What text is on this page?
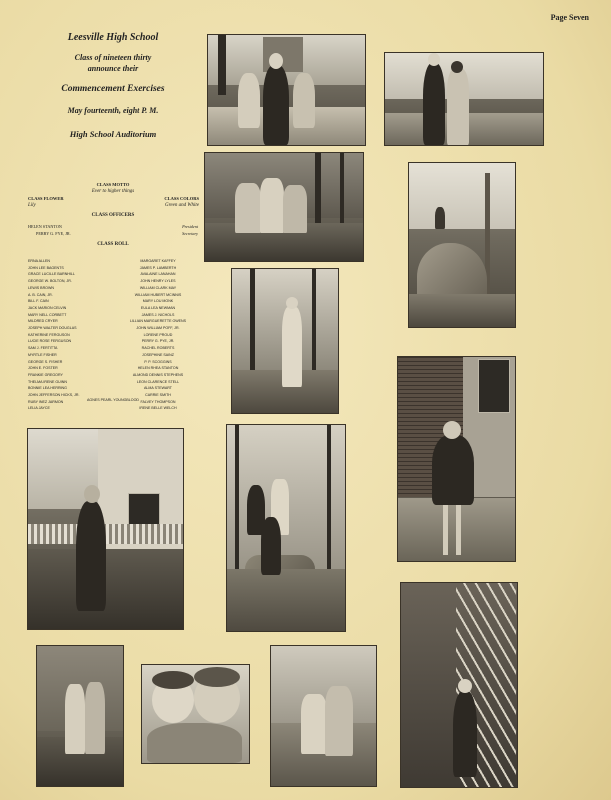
Page Seven
Leesville High School
Class of nineteen thirty
announce their
Commencement Exercises
May fourteenth, eight P. M.
High School Auditorium
CLASS MOTTO
Ever to higher things
CLASS FLOWER	CLASS COLORS
Lily	Green and White
CLASS OFFICERS
HELEN STANTON	President
PERRY G. FYE, JR.	Secretary
CLASS ROLL
ERNA ALLEN
JOHN LEE BAGENTS
GRACE LUCILLE BARNHILL
GEORGE W. BOLTON, JR.
LEWIS BROWN
A. B. CAIN, JR.
BILL F. CAIN
JACK MARION CELVIN
MARY NELL CORBETT
MILDRED CRYER
JOSEPH WALTER DOUGLAS
KATHERINE FERGUSON
LUCIE ROSE FERGUSON
SAM J. FERTITTA
MYRTLE FISHER
GEORGE S. FISHER
JOHN E. FOSTER
FRANKIE GREGORY
THELMA IRENE GUINN
BONNIE LEA HERRING
JOHN JEFFERSON HICKS, JR.
RUBY INEZ JARMON
LELIA JAYCE
MARGARET KAFFEY
JAMES P. LAMBERTH
AVALAINE LANAHAN
JOHN HENRY LYLES
WILLIAM CLARK MAY
WILLIAM HUBERT MCINNIS
MARY LOU MONK
EULA LEA NEWMAN
JAMES J. NICHOLS
LILLIAN MARGUERETTE OWENS
JOHN WILLIAM POFF, JR.
LORENE PROUD
PERRY G. PYE, JR.
RACHEL ROBERTS
JOSEPHINE SAINZ
P. P. SCOGGINS
HELEN RHEA STANTON
ALMOND DENNIS STEPHENS
LEON CLARENCE STELL
ALMA STEWART
CARRIE SMITH
FALVEY THOMPSON
IRENE BELLE WELCH
AGNES PEARL YOUNGBLOOD
